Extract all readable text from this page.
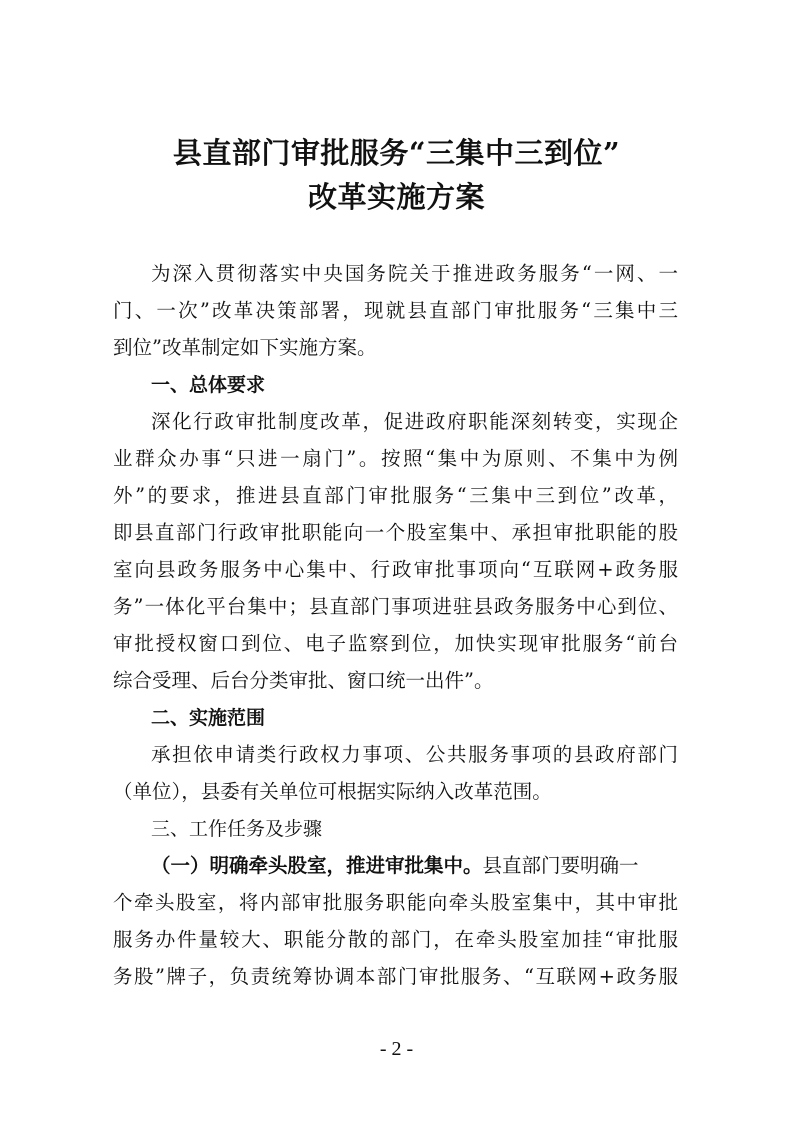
县直部门审批服务“三集中三到位”
改革实施方案
为深入贯彻落实中央国务院关于推进政务服务“一网、一
门、一次”改革决策部署，现就县直部门审批服务“三集中三
到位”改革制定如下实施方案。
一、总体要求
深化行政审批制度改革，促进政府职能深刻转变，实现企
业群众办事“只进一扇门”。按照“集中为原则、不集中为例
外”的要求，推进县直部门审批服务“三集中三到位”改革，
即县直部门行政审批职能向一个股室集中、承担审批职能的股
室向县政务服务中心集中、行政审批事项向“互联网+政务服
务”一体化平台集中；县直部门事项进驻县政务服务中心到位、
审批授权窗口到位、电子监察到位，加快实现审批服务“前台
综合受理、后台分类审批、窗口统一出件”。
二、实施范围
承担依申请类行政权力事项、公共服务事项的县政府部门
（单位），县委有关单位可根据实际纳入改革范围。
三、工作任务及步骤
（一）明确牵头股室，推进审批集中。县直部门要明确一
个牵头股室，将内部审批服务职能向牵头股室集中，其中审批
服务办件量较大、职能分散的部门，在牵头股室加挂“审批服
务股”牌子，负责统筹协调本部门审批服务、“互联网+政务服
- 2 -
